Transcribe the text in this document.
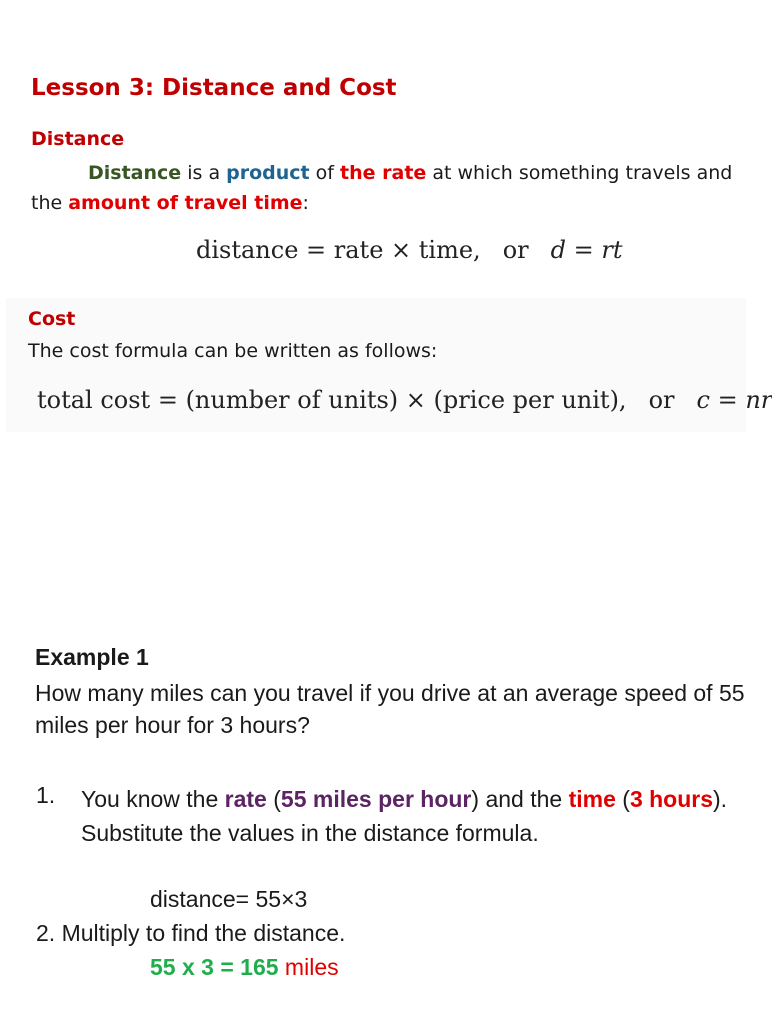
Lesson 3: Distance and Cost
Distance
Distance is a product of the rate at which something travels and the amount of travel time:
distance = rate × time, or d = rt
Cost
The cost formula can be written as follows:
total cost = (number of units) × (price per unit), or c = nr
Example 1
How many miles can you travel if you drive at an average speed of 55 miles per hour for 3 hours?
1. You know the rate (55 miles per hour) and the time (3 hours). Substitute the values in the distance formula.
distance= 55×3
2. Multiply to find the distance.
55 x 3 = 165 miles
